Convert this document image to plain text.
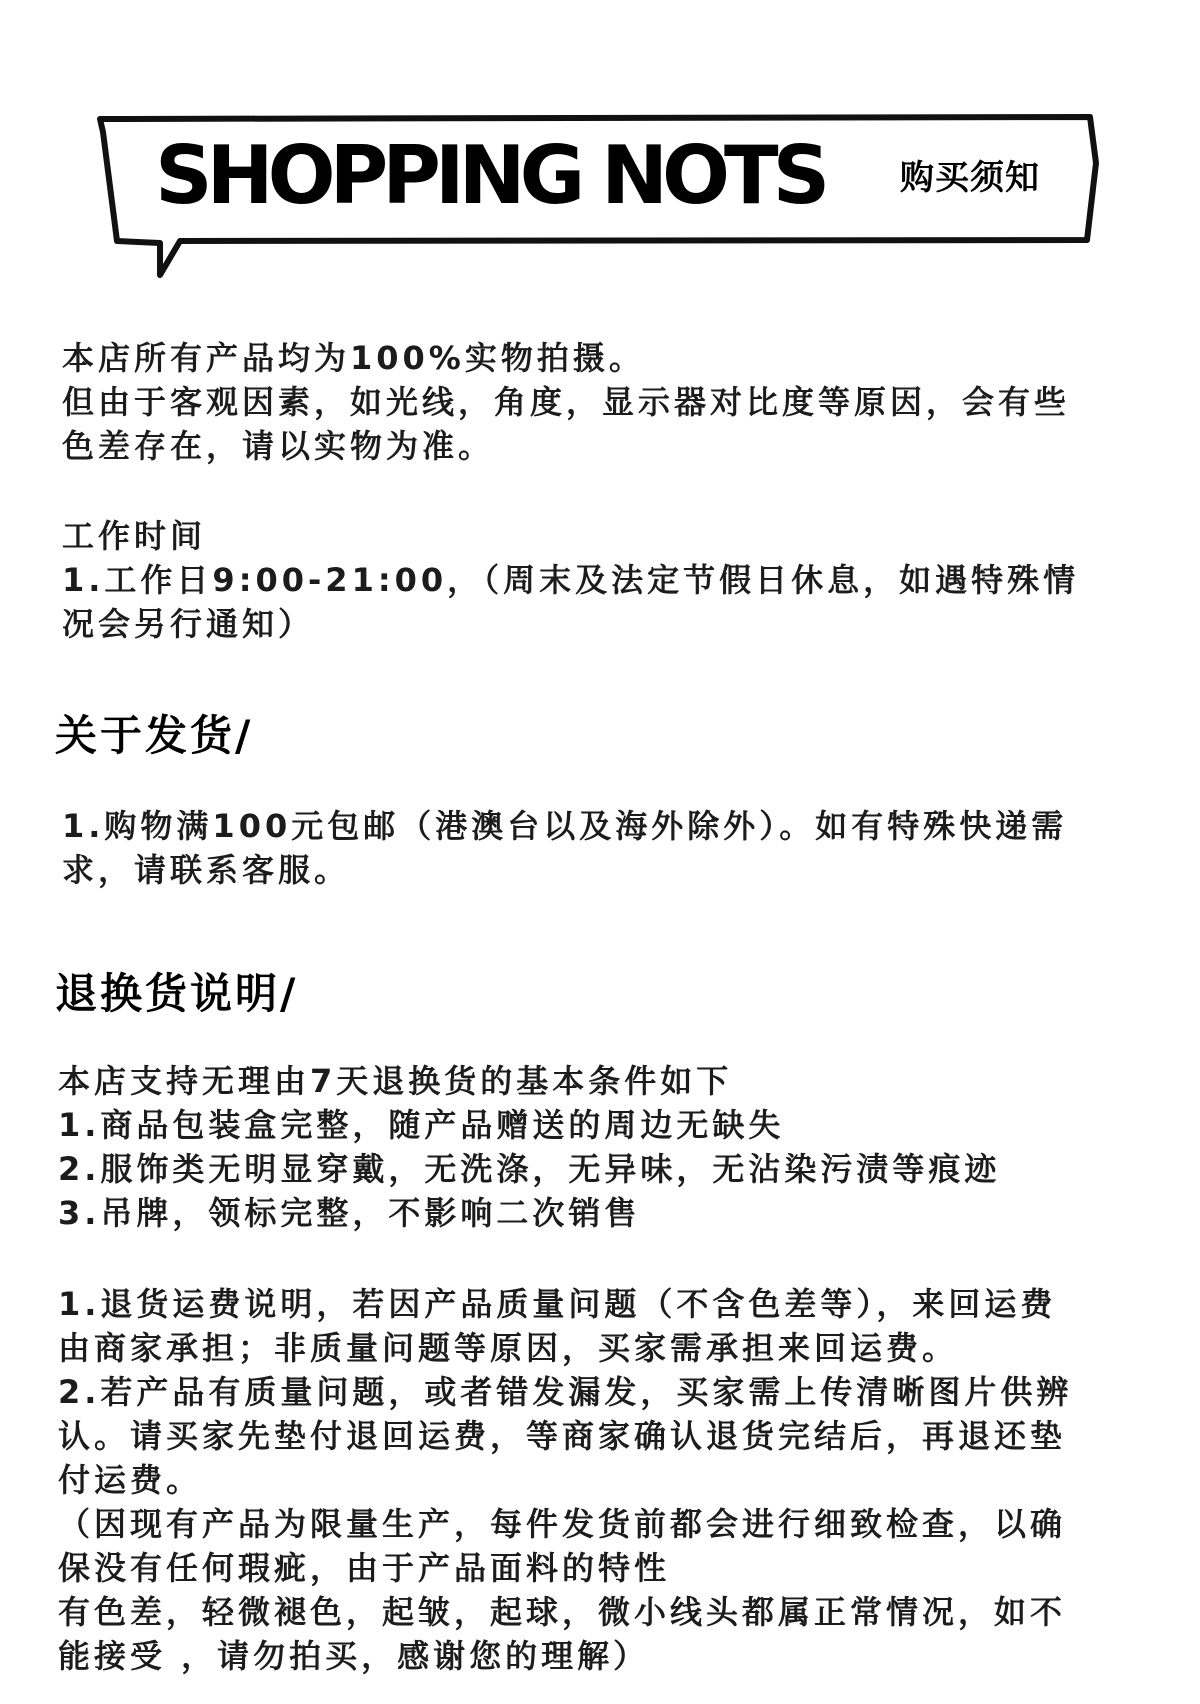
SHOPPING NOTS 购买须知
本店所有产品均为100%实物拍摄。
但由于客观因素，如光线，角度，显示器对比度等原因，会有些
色差存在，请以实物为准。
工作时间
1.工作日9:00-21:00，（周末及法定节假日休息，如遇特殊情
况会另行通知）
关于发货/
1.购物满100元包邮（港澳台以及海外除外）。如有特殊快递需
求，请联系客服。
退换货说明/
本店支持无理由7天退换货的基本条件如下
1.商品包装盒完整，随产品赠送的周边无缺失
2.服饰类无明显穿戴，无洗涤，无异味，无沾染污渍等痕迹
3.吊牌，领标完整，不影响二次销售
1.退货运费说明，若因产品质量问题（不含色差等），来回运费
由商家承担；非质量问题等原因，买家需承担来回运费。
2.若产品有质量问题，或者错发漏发，买家需上传清晰图片供辨
认。请买家先垫付退回运费，等商家确认退货完结后，再退还垫
付运费。
（因现有产品为限量生产，每件发货前都会进行细致检查，以确
保没有任何瑕疵，由于产品面料的特性
有色差，轻微褪色，起皱，起球，微小线头都属正常情况，如不
能接受 ，请勿拍买，感谢您的理解）
